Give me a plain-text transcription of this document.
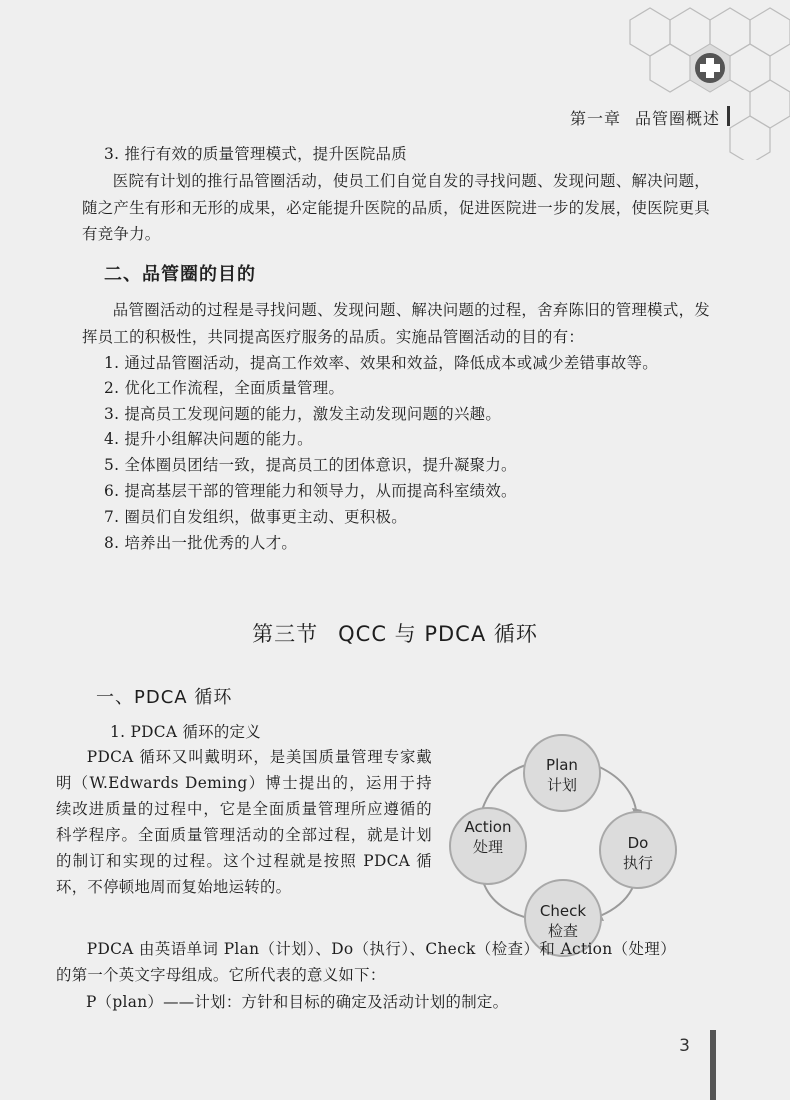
第一章 品管圈概述
3. 推行有效的质量管理模式，提升医院品质

医院有计划的推行品管圈活动，使员工们自觉自发的寻找问题、发现问题、解决问题，随之产生有形和无形的成果，必定能提升医院的品质，促进医院进一步的发展，使医院更具有竞争力。

二、品管圈的目的

品管圈活动的过程是寻找问题、发现问题、解决问题的过程，舍弃陈旧的管理模式，发挥员工的积极性，共同提高医疗服务的品质。实施品管圈活动的目的有：

1. 通过品管圈活动，提高工作效率、效果和效益，降低成本或减少差错事故等。
2. 优化工作流程，全面质量管理。
3. 提高员工发现问题的能力，激发主动发现问题的兴趣。
4. 提升小组解决问题的能力。
5. 全体圈员团结一致，提高员工的团体意识，提升凝聚力。
6. 提高基层干部的管理能力和领导力，从而提高科室绩效。
7. 圈员们自发组织，做事更主动、更积极。
8. 培养出一批优秀的人才。
第三节 QCC 与 PDCA 循环
一、PDCA 循环
1. PDCA 循环的定义

PDCA 循环又叫戴明环，是美国质量管理专家戴明（W.Edwards Deming）博士提出的，运用于持续改进质量的过程中，它是全面质量管理所应遵循的科学程序。全面质量管理活动的全部过程，就是计划的制订和实现的过程。这个过程就是按照 PDCA 循环，不停顿地周而复始地运转的。

Plan
计划
Do
执行
Check
检查
Action
处理

PDCA 由英语单词 Plan（计划）、Do（执行）、Check（检查）和 Action（处理）的第一个英文字母组成。它所代表的意义如下：

P（plan）——计划：方针和目标的确定及活动计划的制定。
3
